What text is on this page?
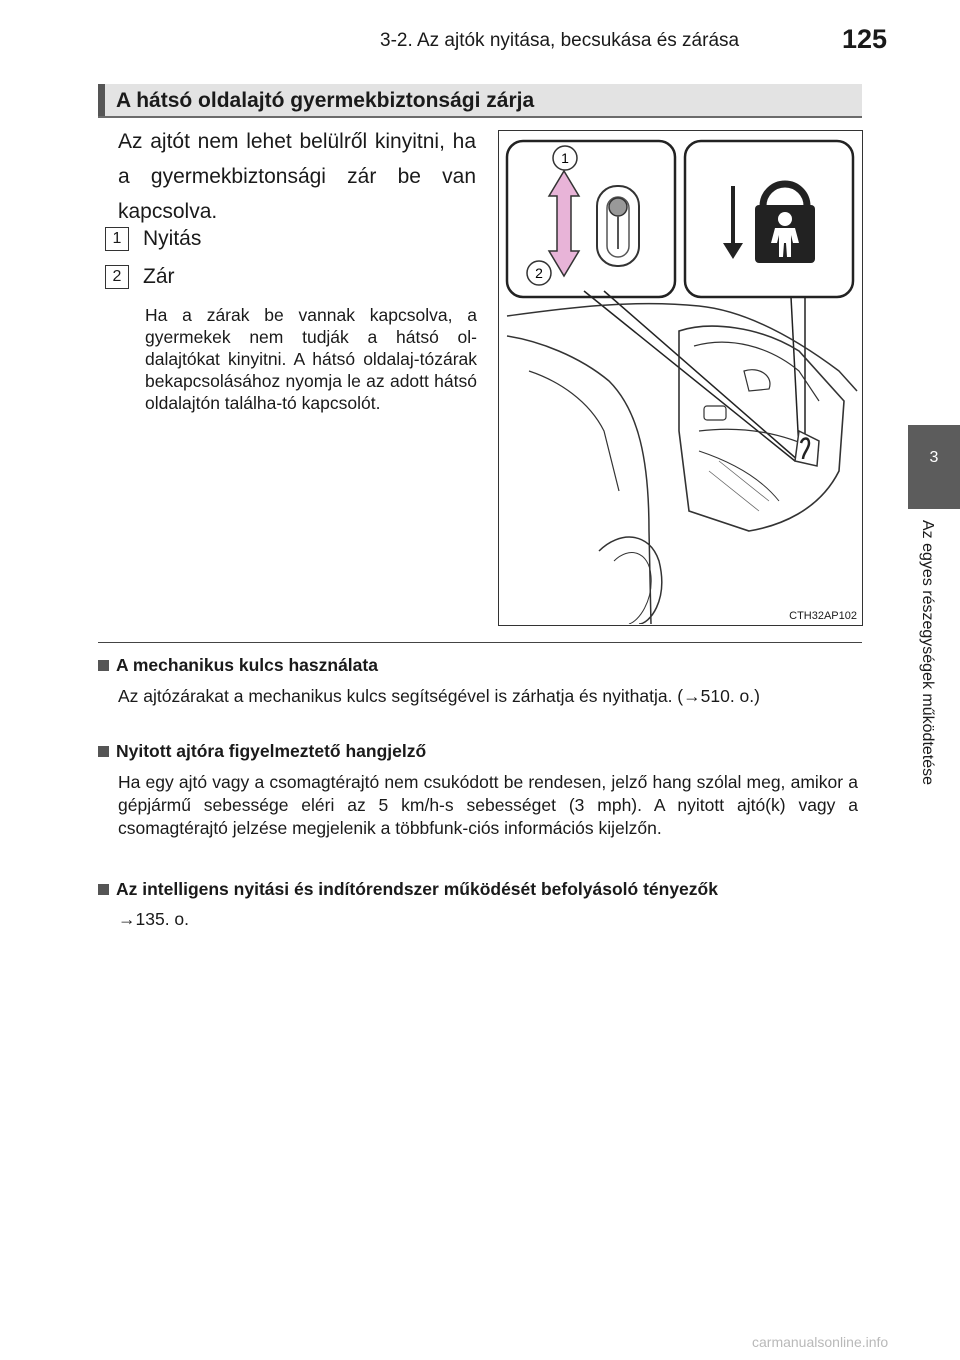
3-2. Az ajtók nyitása, becsukása és zárása	125
3
Az egyes részegységek működtetése
A hátsó oldalajtó gyermekbiztonsági zárja
Az ajtót nem lehet belülről kinyitni, ha a gyermekbiztonsági zár be van kapcsolva.
1 Nyitás
2 Zár
Ha a zárak be vannak kapcsolva, a gyermekek nem tudják a hátsó ol-dalajtókat kinyitni. A hátsó oldalaj-tózárak bekapcsolásához nyomja le az adott hátsó oldalajtón találha-tó kapcsolót.
1
2
CTH32AP102
A mechanikus kulcs használata
Az ajtózárakat a mechanikus kulcs segítségével is zárhatja és nyithatja. (→510. o.)
Nyitott ajtóra figyelmeztető hangjelző
Ha egy ajtó vagy a csomagtérajtó nem csukódott be rendesen, jelző hang szólal meg, amikor a gépjármű sebessége eléri az 5 km/h-s sebességet (3 mph). A nyitott ajtó(k) vagy a csomagtérajtó jelzése megjelenik a többfunk-ciós információs kijelzőn.
Az intelligens nyitási és indítórendszer működését befolyásoló tényezők
→135. o.
carmanualsonline.info
